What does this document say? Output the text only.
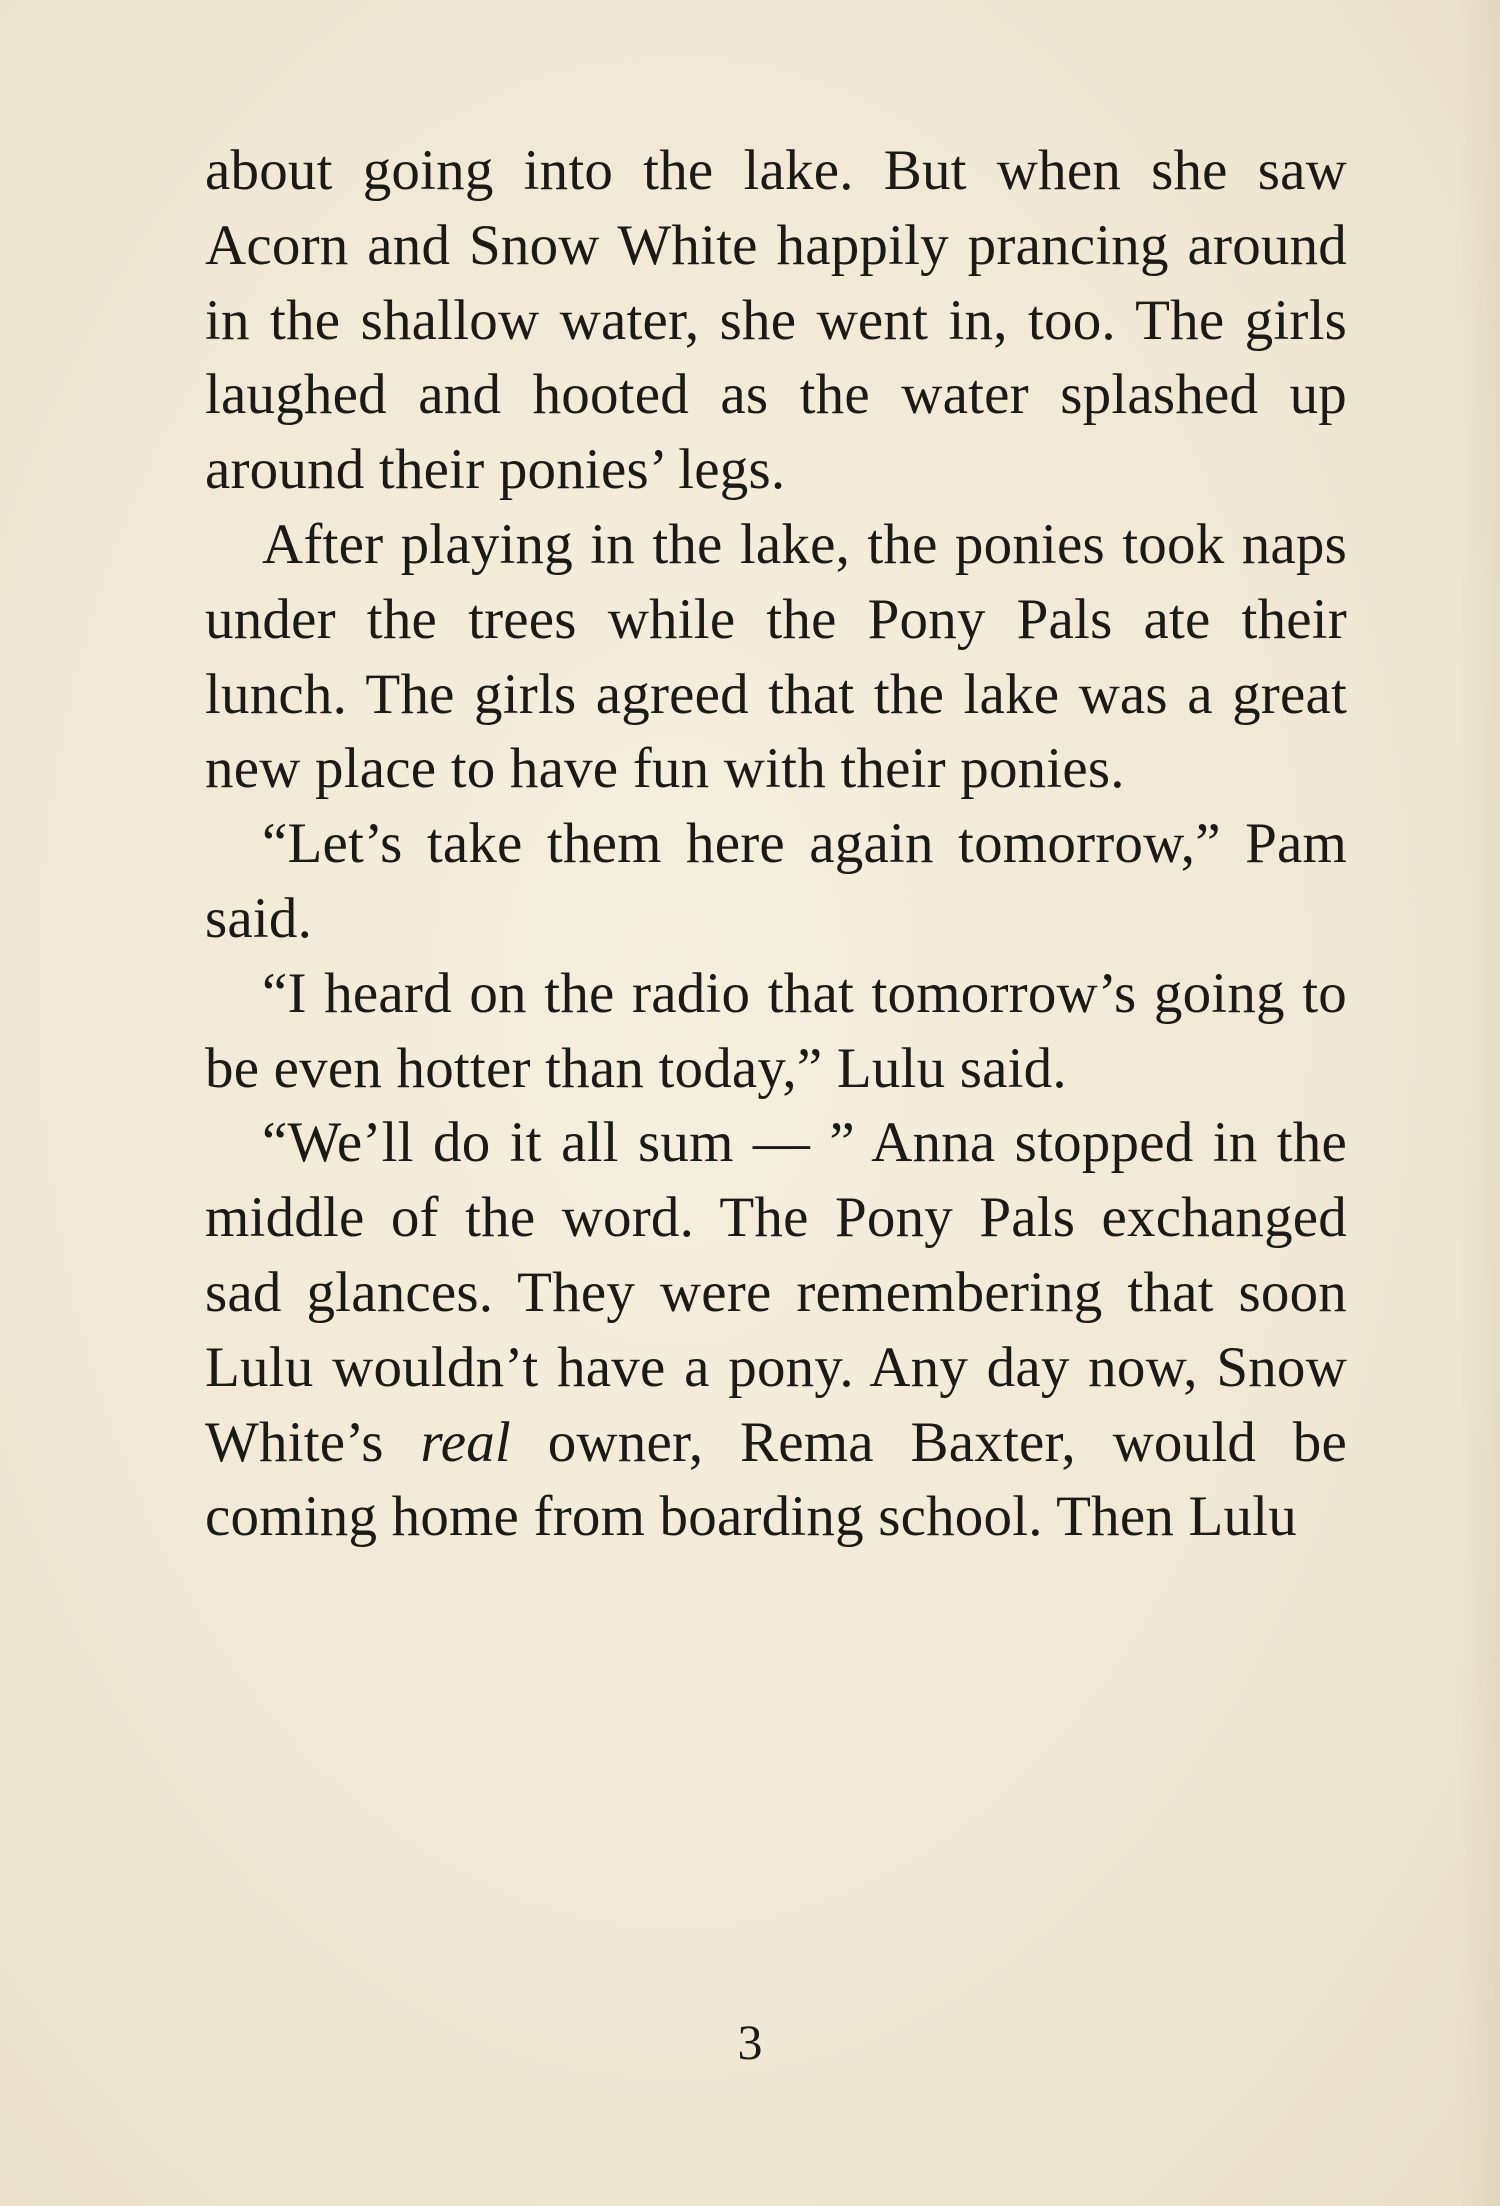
about going into the lake. But when she saw Acorn and Snow White happily prancing around in the shallow water, she went in, too. The girls laughed and hooted as the water splashed up around their ponies’ legs.

After playing in the lake, the ponies took naps under the trees while the Pony Pals ate their lunch. The girls agreed that the lake was a great new place to have fun with their ponies.

“Let’s take them here again tomorrow,” Pam said.

“I heard on the radio that tomorrow’s going to be even hotter than today,” Lulu said.

“We’ll do it all sum — ” Anna stopped in the middle of the word. The Pony Pals exchanged sad glances. They were remembering that soon Lulu wouldn’t have a pony. Any day now, Snow White’s real owner, Rema Baxter, would be coming home from boarding school. Then Lulu

3
